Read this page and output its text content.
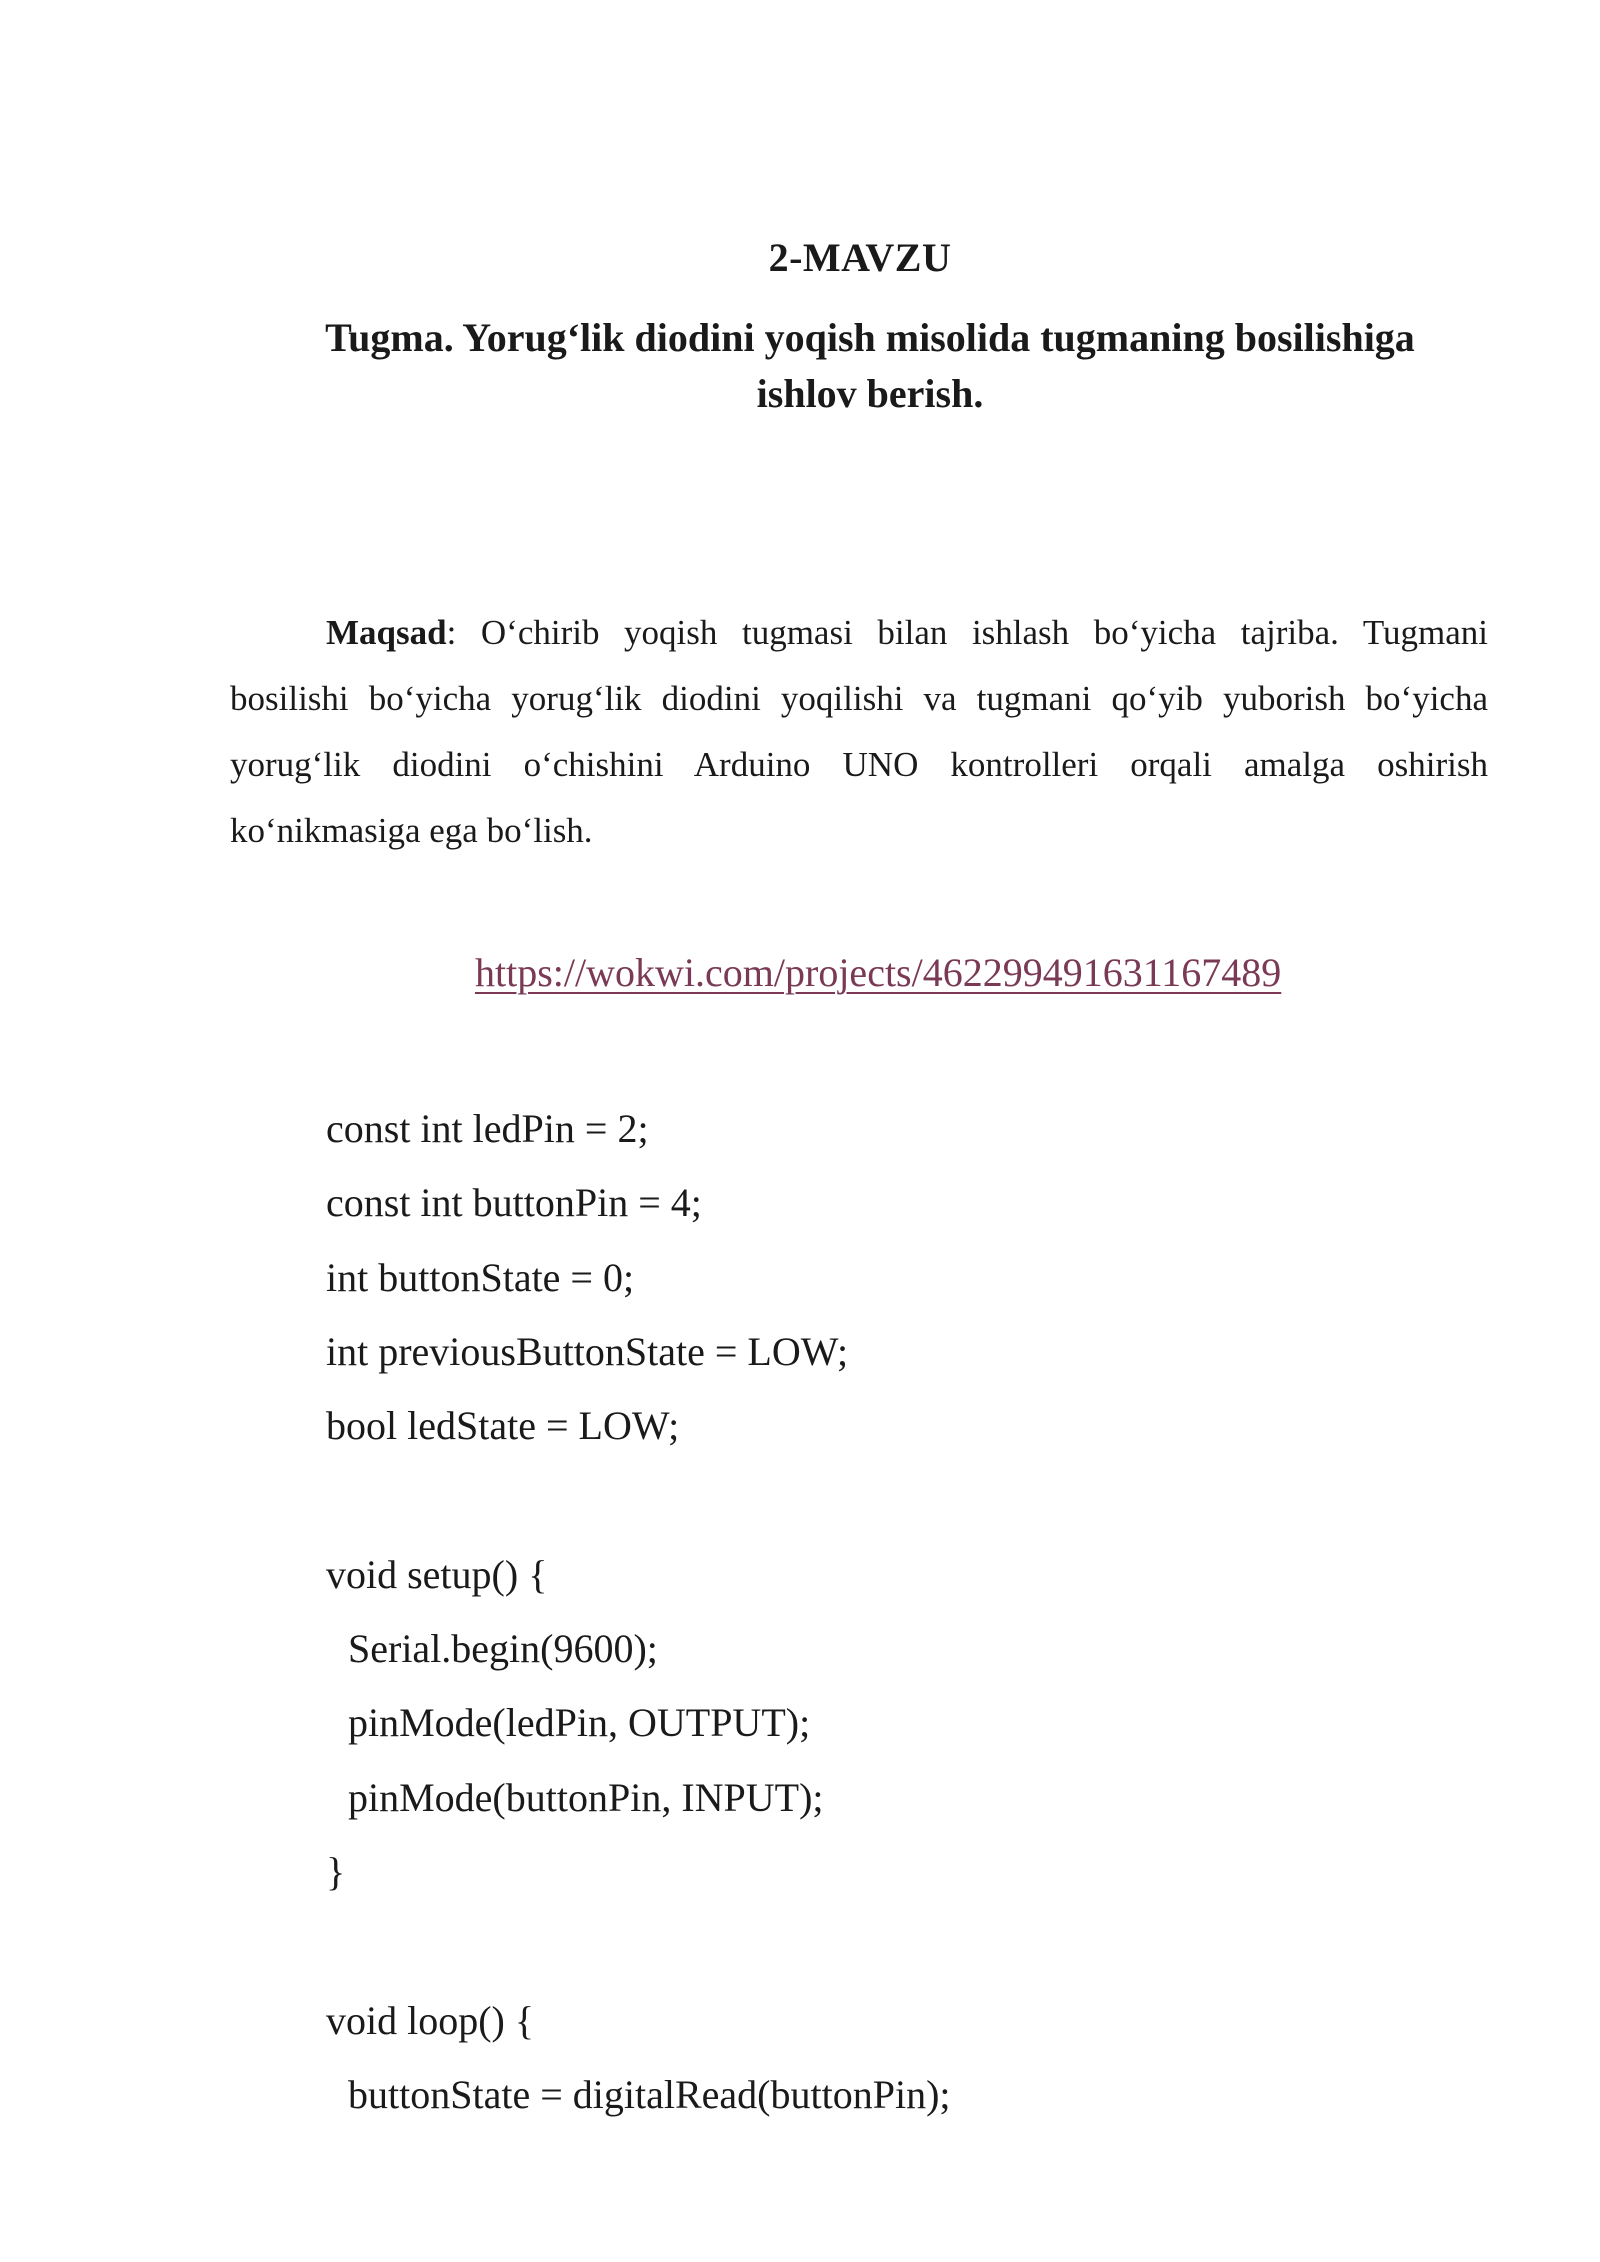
2-MAVZU
Tugma. Yorug‘lik diodini yoqish misolida tugmaning bosilishiga
ishlov berish.

Maqsad: O‘chirib yoqish tugmasi bilan ishlash bo‘yicha tajriba. Tugmani bosilishi bo‘yicha yorug‘lik diodini yoqilishi va tugmani qo‘yib yuborish bo‘yicha yorug‘lik diodini o‘chishini Arduino UNO kontrolleri orqali amalga oshirish ko‘nikmasiga ega bo‘lish.

https://wokwi.com/projects/462299491631167489
const int ledPin = 2;
const int buttonPin = 4;
int buttonState = 0;
int previousButtonState = LOW;
bool ledState = LOW;
void setup() {
Serial.begin(9600);
pinMode(ledPin, OUTPUT);
pinMode(buttonPin, INPUT);
}
void loop() {
buttonState = digitalRead(buttonPin);
